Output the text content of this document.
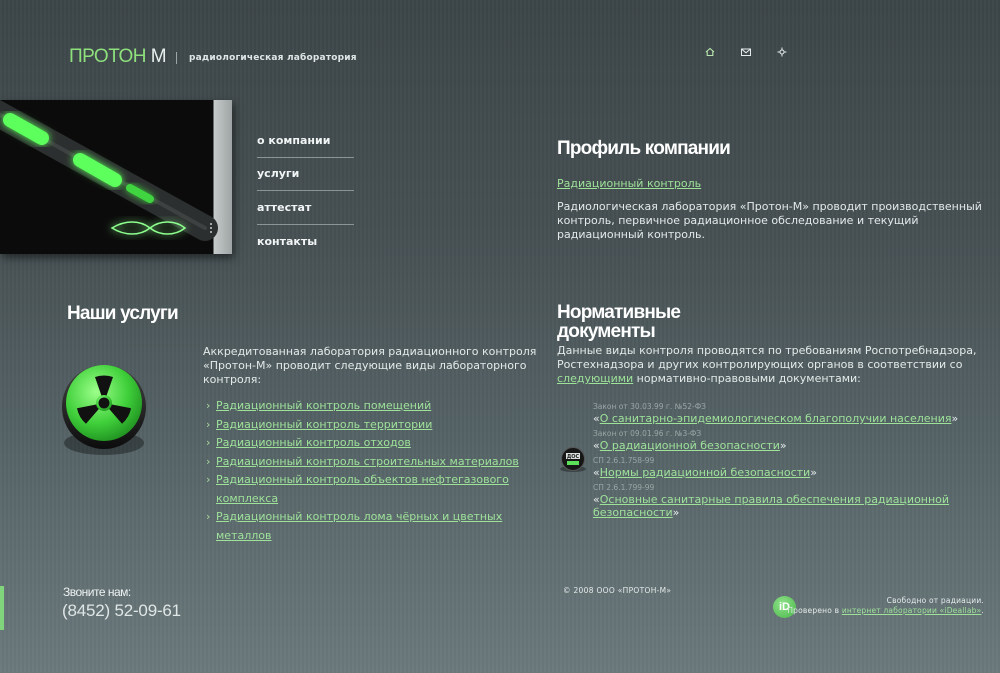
ПРОТОН М	радиологическая лаборатория
о компании
услуги
аттестат
контакты
Профиль компании
Радиационный контроль

Радиологическая лаборатория «Протон-М» проводит производственный контроль, первичное радиационное обследование и текущий радиационный контроль.

Наши услуги

Аккредитованная лаборатория радиационного контроля «Протон-М» проводит следующие виды лабораторного контроля:

› Радиационный контроль помещений
› Радиационный контроль территории
› Радиационный контроль отходов
› Радиационный контроль строительных материалов
› Радиационный контроль объектов нефтегазового комплекса
› Радиационный контроль лома чёрных и цветных металлов
Нормативные
документы

Данные виды контроля проводятся по требованиям Роспотребнадзора, Ростехнадзора и других контролирующих органов в соответствии со следующими нормативно-правовыми документами:

ДОС
Закон от 30.03.99 г. №52-ФЗ
«О санитарно-эпидемиологическом благополучии населения»
Закон от 09.01.96 г. №3-ФЗ
«О радиационной безопасности»
СП 2.6.1.758-99
«Нормы радиационной безопасности»
СП 2.6.1.799-99
«Основные санитарные правила обеспечения радиационной безопасности»
Звоните нам:
(8452) 52-09-61
© 2008 ООО «ПРОТОН-М»
iD
Свободно от радиации.
Проверено в интернет лаборатории «iDeallab».
